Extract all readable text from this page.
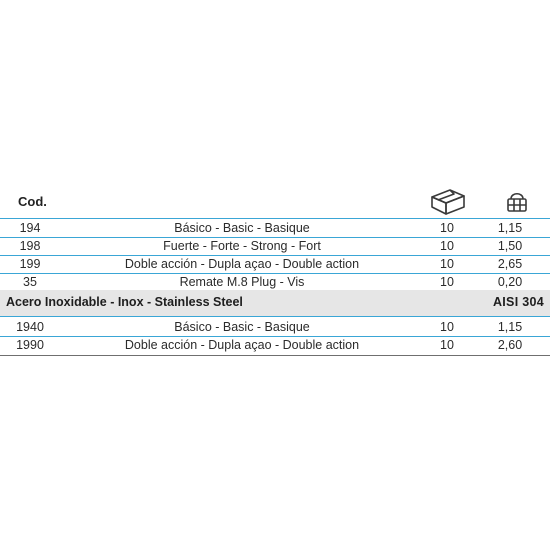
Cod.
194	Básico - Basic - Basique	10	1,15
198	Fuerte - Forte - Strong - Fort	10	1,50
199	Doble acción - Dupla açao - Double action	10	2,65
35	Remate M.8 Plug - Vis	10	0,20
Acero Inoxidable - Inox - Stainless Steel	AISI 304
1940	Básico - Basic - Basique	10	1,15
1990	Doble acción - Dupla açao - Double action	10	2,60
